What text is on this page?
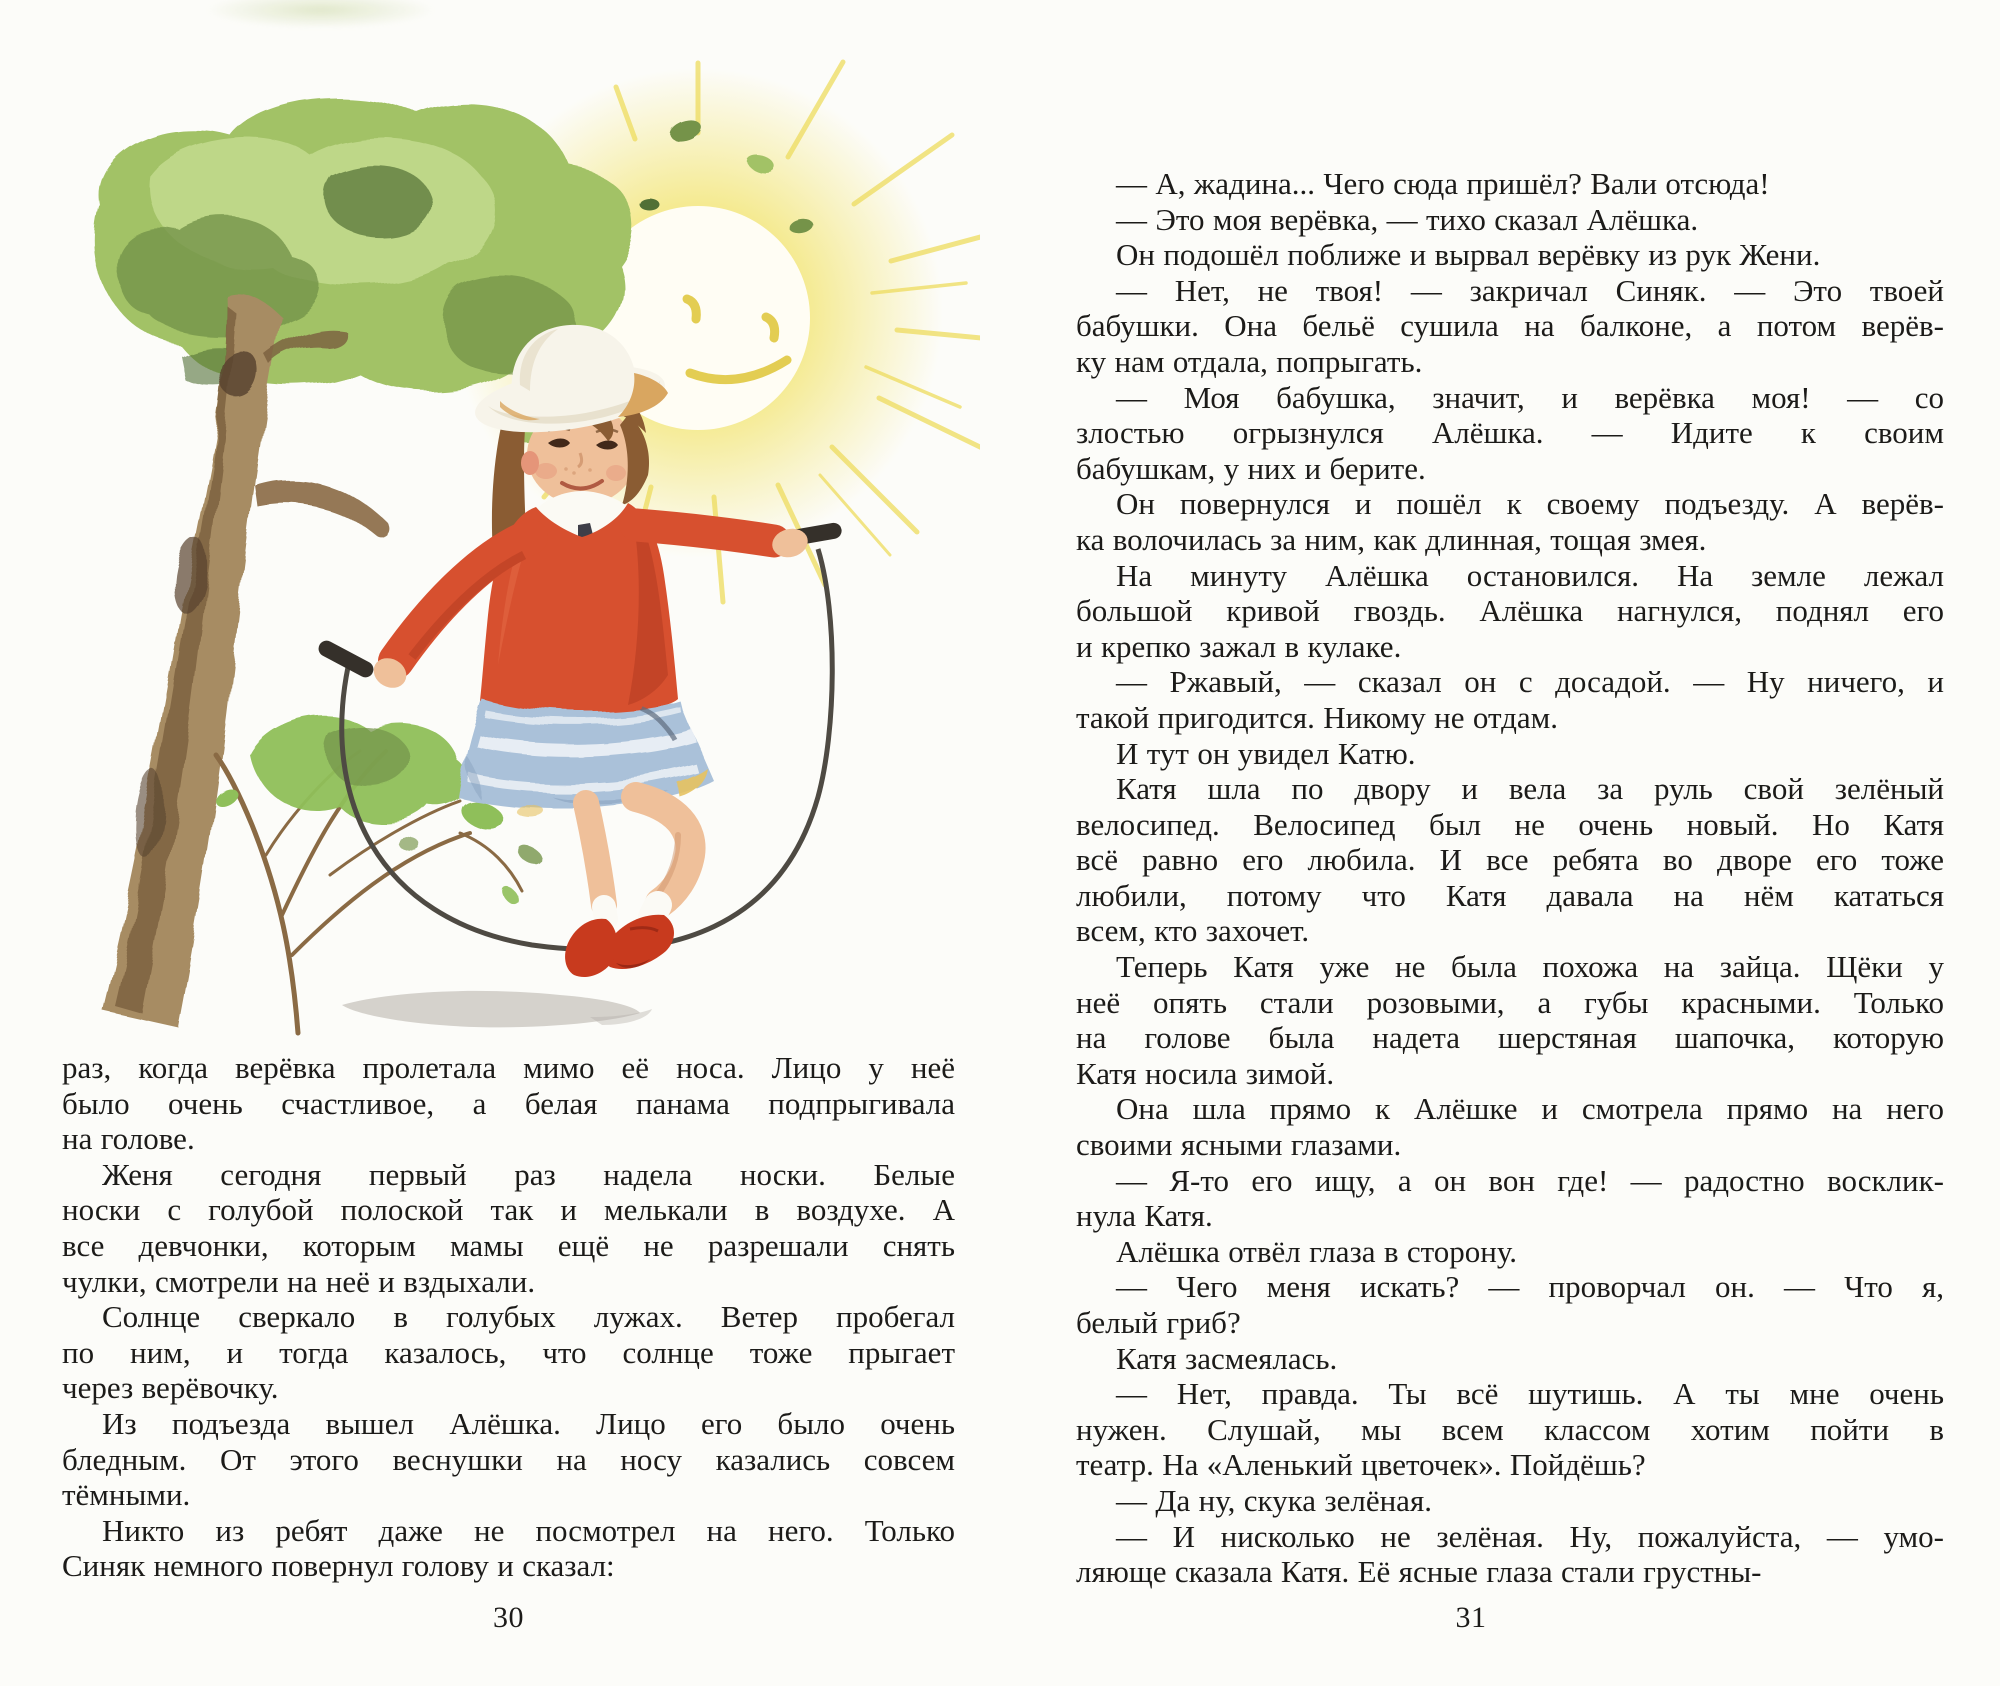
раз, когда верёвка пролетала мимо её носа. Лицо у неё
было очень счастливое, а белая панама подпрыгивала
на голове.
Женя сегодня первый раз надела носки. Белые
носки с голубой полоской так и мелькали в воздухе. А
все девчонки, которым мамы ещё не разрешали снять
чулки, смотрели на неё и вздыхали.
Солнце сверкало в голубых лужах. Ветер пробегал
по ним, и тогда казалось, что солнце тоже прыгает
через верёвочку.
Из подъезда вышел Алёшка. Лицо его было очень
бледным. От этого веснушки на носу казались совсем
тёмными.
Никто из ребят даже не посмотрел на него. Только
Синяк немного повернул голову и сказал:
30
— А, жадина... Чего сюда пришёл? Вали отсюда!
— Это моя верёвка, — тихо сказал Алёшка.
Он подошёл поближе и вырвал верёвку из рук Жени.
— Нет, не твоя! — закричал Синяк. — Это твоей
бабушки. Она бельё сушила на балконе, а потом верёв-
ку нам отдала, попрыгать.
— Моя бабушка, значит, и верёвка моя! — со
злостью огрызнулся Алёшка. — Идите к своим
бабушкам, у них и берите.
Он повернулся и пошёл к своему подъезду. А верёв-
ка волочилась за ним, как длинная, тощая змея.
На минуту Алёшка остановился. На земле лежал
большой кривой гвоздь. Алёшка нагнулся, поднял его
и крепко зажал в кулаке.
— Ржавый, — сказал он с досадой. — Ну ничего, и
такой пригодится. Никому не отдам.
И тут он увидел Катю.
Катя шла по двору и вела за руль свой зелёный
велосипед. Велосипед был не очень новый. Но Катя
всё равно его любила. И все ребята во дворе его тоже
любили, потому что Катя давала на нём кататься
всем, кто захочет.
Теперь Катя уже не была похожа на зайца. Щёки у
неё опять стали розовыми, а губы красными. Только
на голове была надета шерстяная шапочка, которую
Катя носила зимой.
Она шла прямо к Алёшке и смотрела прямо на него
своими ясными глазами.
— Я-то его ищу, а он вон где! — радостно восклик-
нула Катя.
Алёшка отвёл глаза в сторону.
— Чего меня искать? — проворчал он. — Что я,
белый гриб?
Катя засмеялась.
— Нет, правда. Ты всё шутишь. А ты мне очень
нужен. Слушай, мы всем классом хотим пойти в
театр. На «Аленький цветочек». Пойдёшь?
— Да ну, скука зелёная.
— И нисколько не зелёная. Ну, пожалуйста, — умо-
ляюще сказала Катя. Её ясные глаза стали грустны-
31
